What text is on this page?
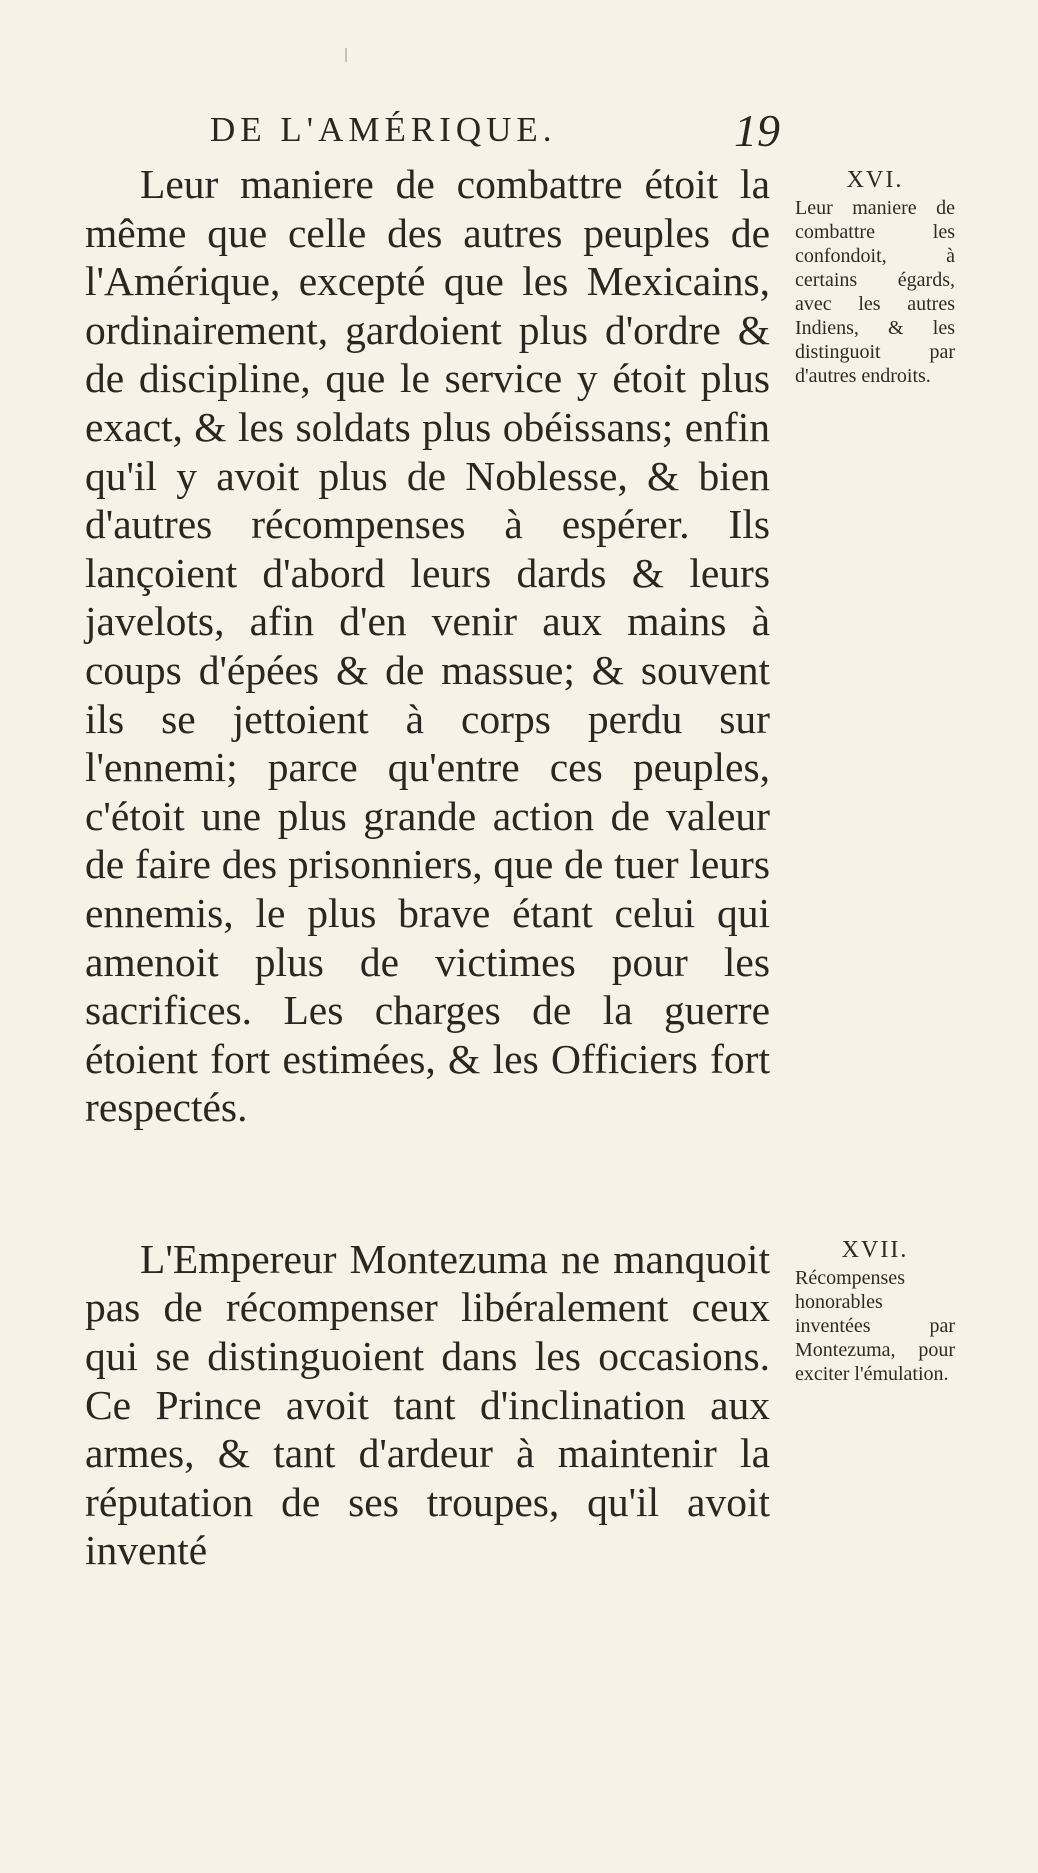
DE L'AMÉRIQUE.	19

Leur maniere de combattre étoit la même que celle des autres peuples de l'Amérique, excepté que les Mexicains, ordinairement, gardoient plus d'ordre & de discipline, que le service y étoit plus exact, & les soldats plus obéissans; enfin qu'il y avoit plus de Noblesse, & bien d'autres récompenses à espérer. Ils lançoient d'abord leurs dards & leurs javelots, afin d'en venir aux mains à coups d'épées & de massue; & souvent ils se jettoient à corps perdu sur l'ennemi; parce qu'entre ces peuples, c'étoit une plus grande action de valeur de faire des prisonniers, que de tuer leurs ennemis, le plus brave étant celui qui amenoit plus de victimes pour les sacrifices. Les charges de la guerre étoient fort estimées, & les Officiers fort respectés.

L'Empereur Montezuma ne manquoit pas de récompenser libéralement ceux qui se distinguoient dans les occasions. Ce Prince avoit tant d'inclination aux armes, & tant d'ardeur à maintenir la réputation de ses troupes, qu'il avoit inventé

XVI.
Leur maniere de combattre les confondoit, à certains égards, avec les autres Indiens, & les distinguoit par d'autres endroits.
XVII.
Récompenses honorables inventées par Montezuma, pour exciter l'émulation.
